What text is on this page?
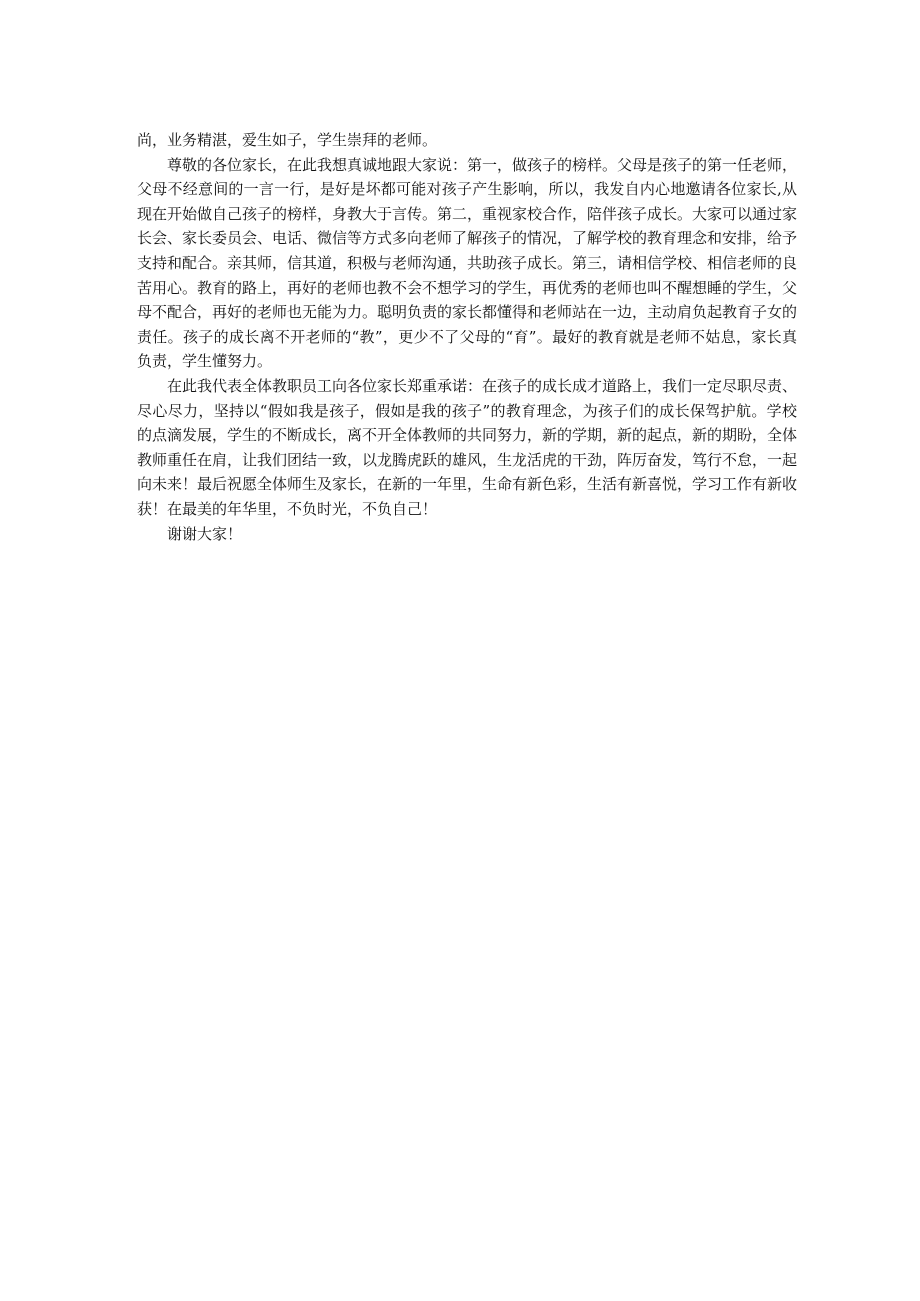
尚，业务精湛，爱生如子，学生崇拜的老师。

尊敬的各位家长，在此我想真诚地跟大家说：第一，做孩子的榜样。父母是孩子的第一任老师，父母不经意间的一言一行，是好是坏都可能对孩子产生影响，所以，我发自内心地邀请各位家长,从现在开始做自己孩子的榜样，身教大于言传。第二，重视家校合作，陪伴孩子成长。大家可以通过家长会、家长委员会、电话、微信等方式多向老师了解孩子的情况，了解学校的教育理念和安排，给予支持和配合。亲其师，信其道，积极与老师沟通，共助孩子成长。第三，请相信学校、相信老师的良苦用心。教育的路上，再好的老师也教不会不想学习的学生，再优秀的老师也叫不醒想睡的学生，父母不配合，再好的老师也无能为力。聪明负责的家长都懂得和老师站在一边，主动肩负起教育子女的责任。孩子的成长离不开老师的“教”，更少不了父母的“育”。最好的教育就是老师不姑息，家长真负责，学生懂努力。

在此我代表全体教职员工向各位家长郑重承诺：在孩子的成长成才道路上，我们一定尽职尽责、尽心尽力，坚持以“假如我是孩子，假如是我的孩子”的教育理念，为孩子们的成长保驾护航。学校的点滴发展，学生的不断成长，离不开全体教师的共同努力，新的学期，新的起点，新的期盼，全体教师重任在肩，让我们团结一致，以龙腾虎跃的雄风，生龙活虎的干劲，阵厉奋发，笃行不怠，一起向未来！最后祝愿全体师生及家长，在新的一年里，生命有新色彩，生活有新喜悦，学习工作有新收获！在最美的年华里，不负时光，不负自己！

谢谢大家！
